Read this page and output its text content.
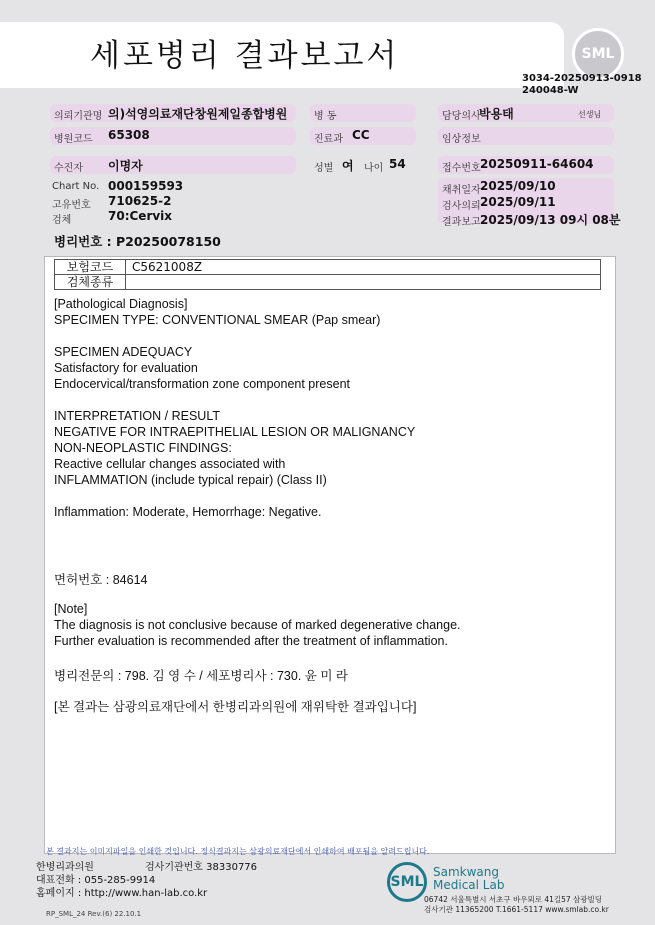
세포병리 결과보고서	SML
3034-20250913-0918
240048-W
의뢰기관명 의)석영의료재단창원제일종합병원	병 동	담당의사
박용태	선생님
병원코드 65308	진료과 CC	임상정보
수진자 이명자	성별 여 나이 54	접수번호 20250911-64604
Chart No. 000159593
고유번호 710625-2
검체	70:Cervix
채취일자 2025/09/10
검사의뢰 2025/09/11
결과보고 2025/09/13 09시 08분
병리번호 : P20250078150
보험코드	C5621008Z
검체종류	
[Pathological Diagnosis]
SPECIMEN TYPE: CONVENTIONAL SMEAR (Pap smear)

SPECIMEN ADEQUACY
Satisfactory for evaluation
Endocervical/transformation zone component present

INTERPRETATION / RESULT
NEGATIVE FOR INTRAEPITHELIAL LESION OR MALIGNANCY
NON-NEOPLASTIC FINDINGS:
Reactive cellular changes associated with
INFLAMMATION (include typical repair) (Class II)

Inflammation: Moderate, Hemorrhage: Negative.
면허번호 : 84614
[Note]
The diagnosis is not conclusive because of marked degenerative change.
Further evaluation is recommended after the treatment of inflammation.
병리전문의 : 798. 김 영 수 / 세포병리사 : 730. 윤 미 라
[본 결과는 삼광의료재단에서 한병리과의원에 재위탁한 결과입니다]
본 결과지는 이미지파일을 인쇄한 것입니다. 정식결과지는 삼광의료재단에서 인쇄하여 배포됨을 알려드립니다.
한병리과의원	검사기관번호 38330776
대표전화 : 055-285-9914
홈페이지 : http://www.han-lab.co.kr
RP_SML_24 Rev.(6) 22.10.1
SML
Samkwang
Medical Lab
06742 서울특별시 서초구 바우뫼로 41길57 삼광빌딩
검사기관 11365200 T.1661-5117 www.smlab.co.kr
